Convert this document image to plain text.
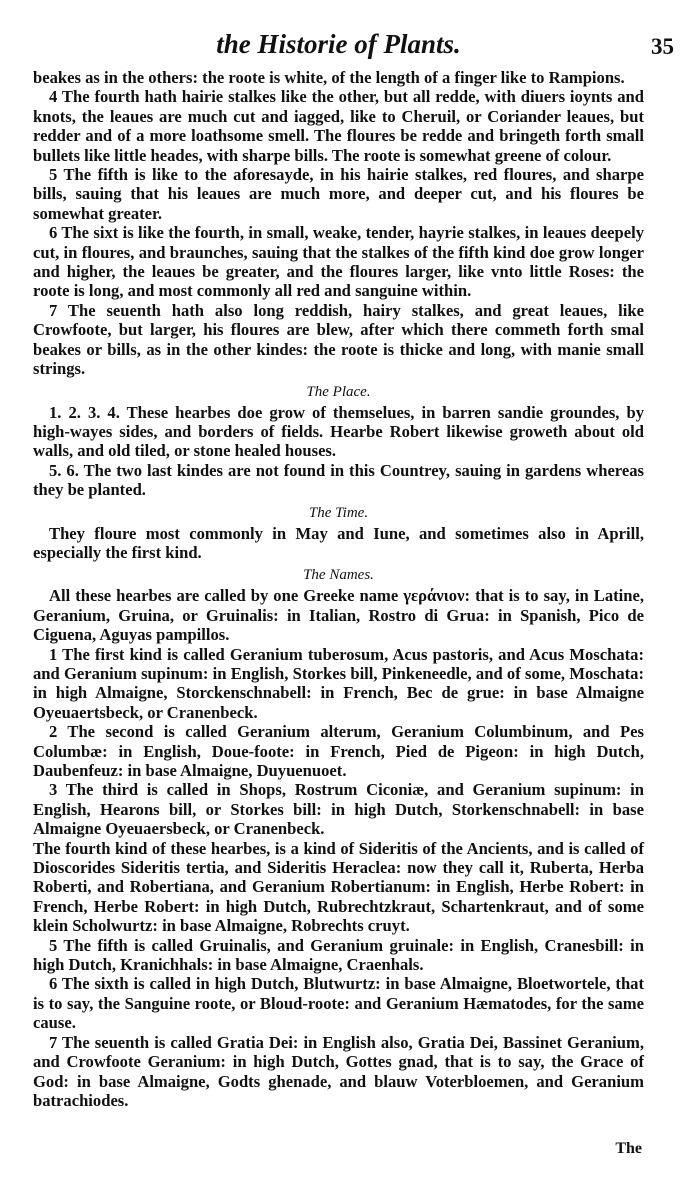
the Historie of Plants.	35

beakes as in the others: the roote is white, of the length of a finger like to Rampions.

4 The fourth hath hairie stalkes like the other, but all redde, with diuers ioynts and knots, the leaues are much cut and iagged, like to Cheruil, or Coriander leaues, but redder and of a more loathsome smell. The floures be redde and bringeth forth small bullets like little heades, with sharpe bills. The roote is somewhat greene of colour.

5 The fifth is like to the aforesayde, in his hairie stalkes, red floures, and sharpe bills, sauing that his leaues are much more, and deeper cut, and his floures be somewhat greater.

6 The sixt is like the fourth, in small, weake, tender, hayrie stalkes, in leaues deepely cut, in floures, and braunches, sauing that the stalkes of the fifth kind doe grow longer and higher, the leaues be greater, and the floures larger, like vnto little Roses: the roote is long, and most commonly all red and sanguine within.

7 The seuenth hath also long reddish, hairy stalkes, and great leaues, like Crowfoote, but larger, his floures are blew, after which there commeth forth smal beakes or bills, as in the other kindes: the roote is thicke and long, with manie small strings.

The Place.

1. 2. 3. 4. These hearbes doe grow of themselues, in barren sandie groundes, by high-wayes sides, and borders of fields. Hearbe Robert likewise groweth about old walls, and old tiled, or stone healed houses.

5. 6. The two last kindes are not found in this Countrey, sauing in gardens whereas they be planted.

The Time.

They floure most commonly in May and Iune, and sometimes also in Aprill, especially the first kind.

The Names.

All these hearbes are called by one Greeke name γεράνιον: that is to say, in Latine, Geranium, Gruina, or Gruinalis: in Italian, Rostro di Grua: in Spanish, Pico de Ciguena, Aguyas pampillos.

1 The first kind is called Geranium tuberosum, Acus pastoris, and Acus Moschata: and Geranium supinum: in English, Storkes bill, Pinkeneedle, and of some, Moschata: in high Almaigne, Storckenschnabell: in French, Bec de grue: in base Almaigne Oyeuaertsbeck, or Cranenbeck.

2 The second is called Geranium alterum, Geranium Columbinum, and Pes Columbæ: in English, Doue-foote: in French, Pied de Pigeon: in high Dutch, Daubenfeuz: in base Almaigne, Duyuenuoet.

3 The third is called in Shops, Rostrum Ciconiæ, and Geranium supinum: in English, Hearons bill, or Storkes bill: in high Dutch, Storkenschnabell: in base Almaigne Oyeuaersbeck, or Cranenbeck.

The fourth kind of these hearbes, is a kind of Sideritis of the Ancients, and is called of Dioscorides Sideritis tertia, and Sideritis Heraclea: now they call it, Ruberta, Herba Roberti, and Robertiana, and Geranium Robertianum: in English, Herbe Robert: in French, Herbe Robert: in high Dutch, Rubrechtzkraut, Schartenkraut, and of some klein Scholwurtz: in base Almaigne, Robrechts cruyt.

5 The fifth is called Gruinalis, and Geranium gruinale: in English, Cranesbill: in high Dutch, Kranichhals: in base Almaigne, Craenhals.

6 The sixth is called in high Dutch, Blutwurtz: in base Almaigne, Bloetwortele, that is to say, the Sanguine roote, or Bloud-roote: and Geranium Hæmatodes, for the same cause.

7 The seuenth is called Gratia Dei: in English also, Gratia Dei, Bassinet Geranium, and Crowfoote Geranium: in high Dutch, Gottes gnad, that is to say, the Grace of God: in base Almaigne, Godts ghenade, and blauw Voterbloemen, and Geranium batrachiodes.

The
